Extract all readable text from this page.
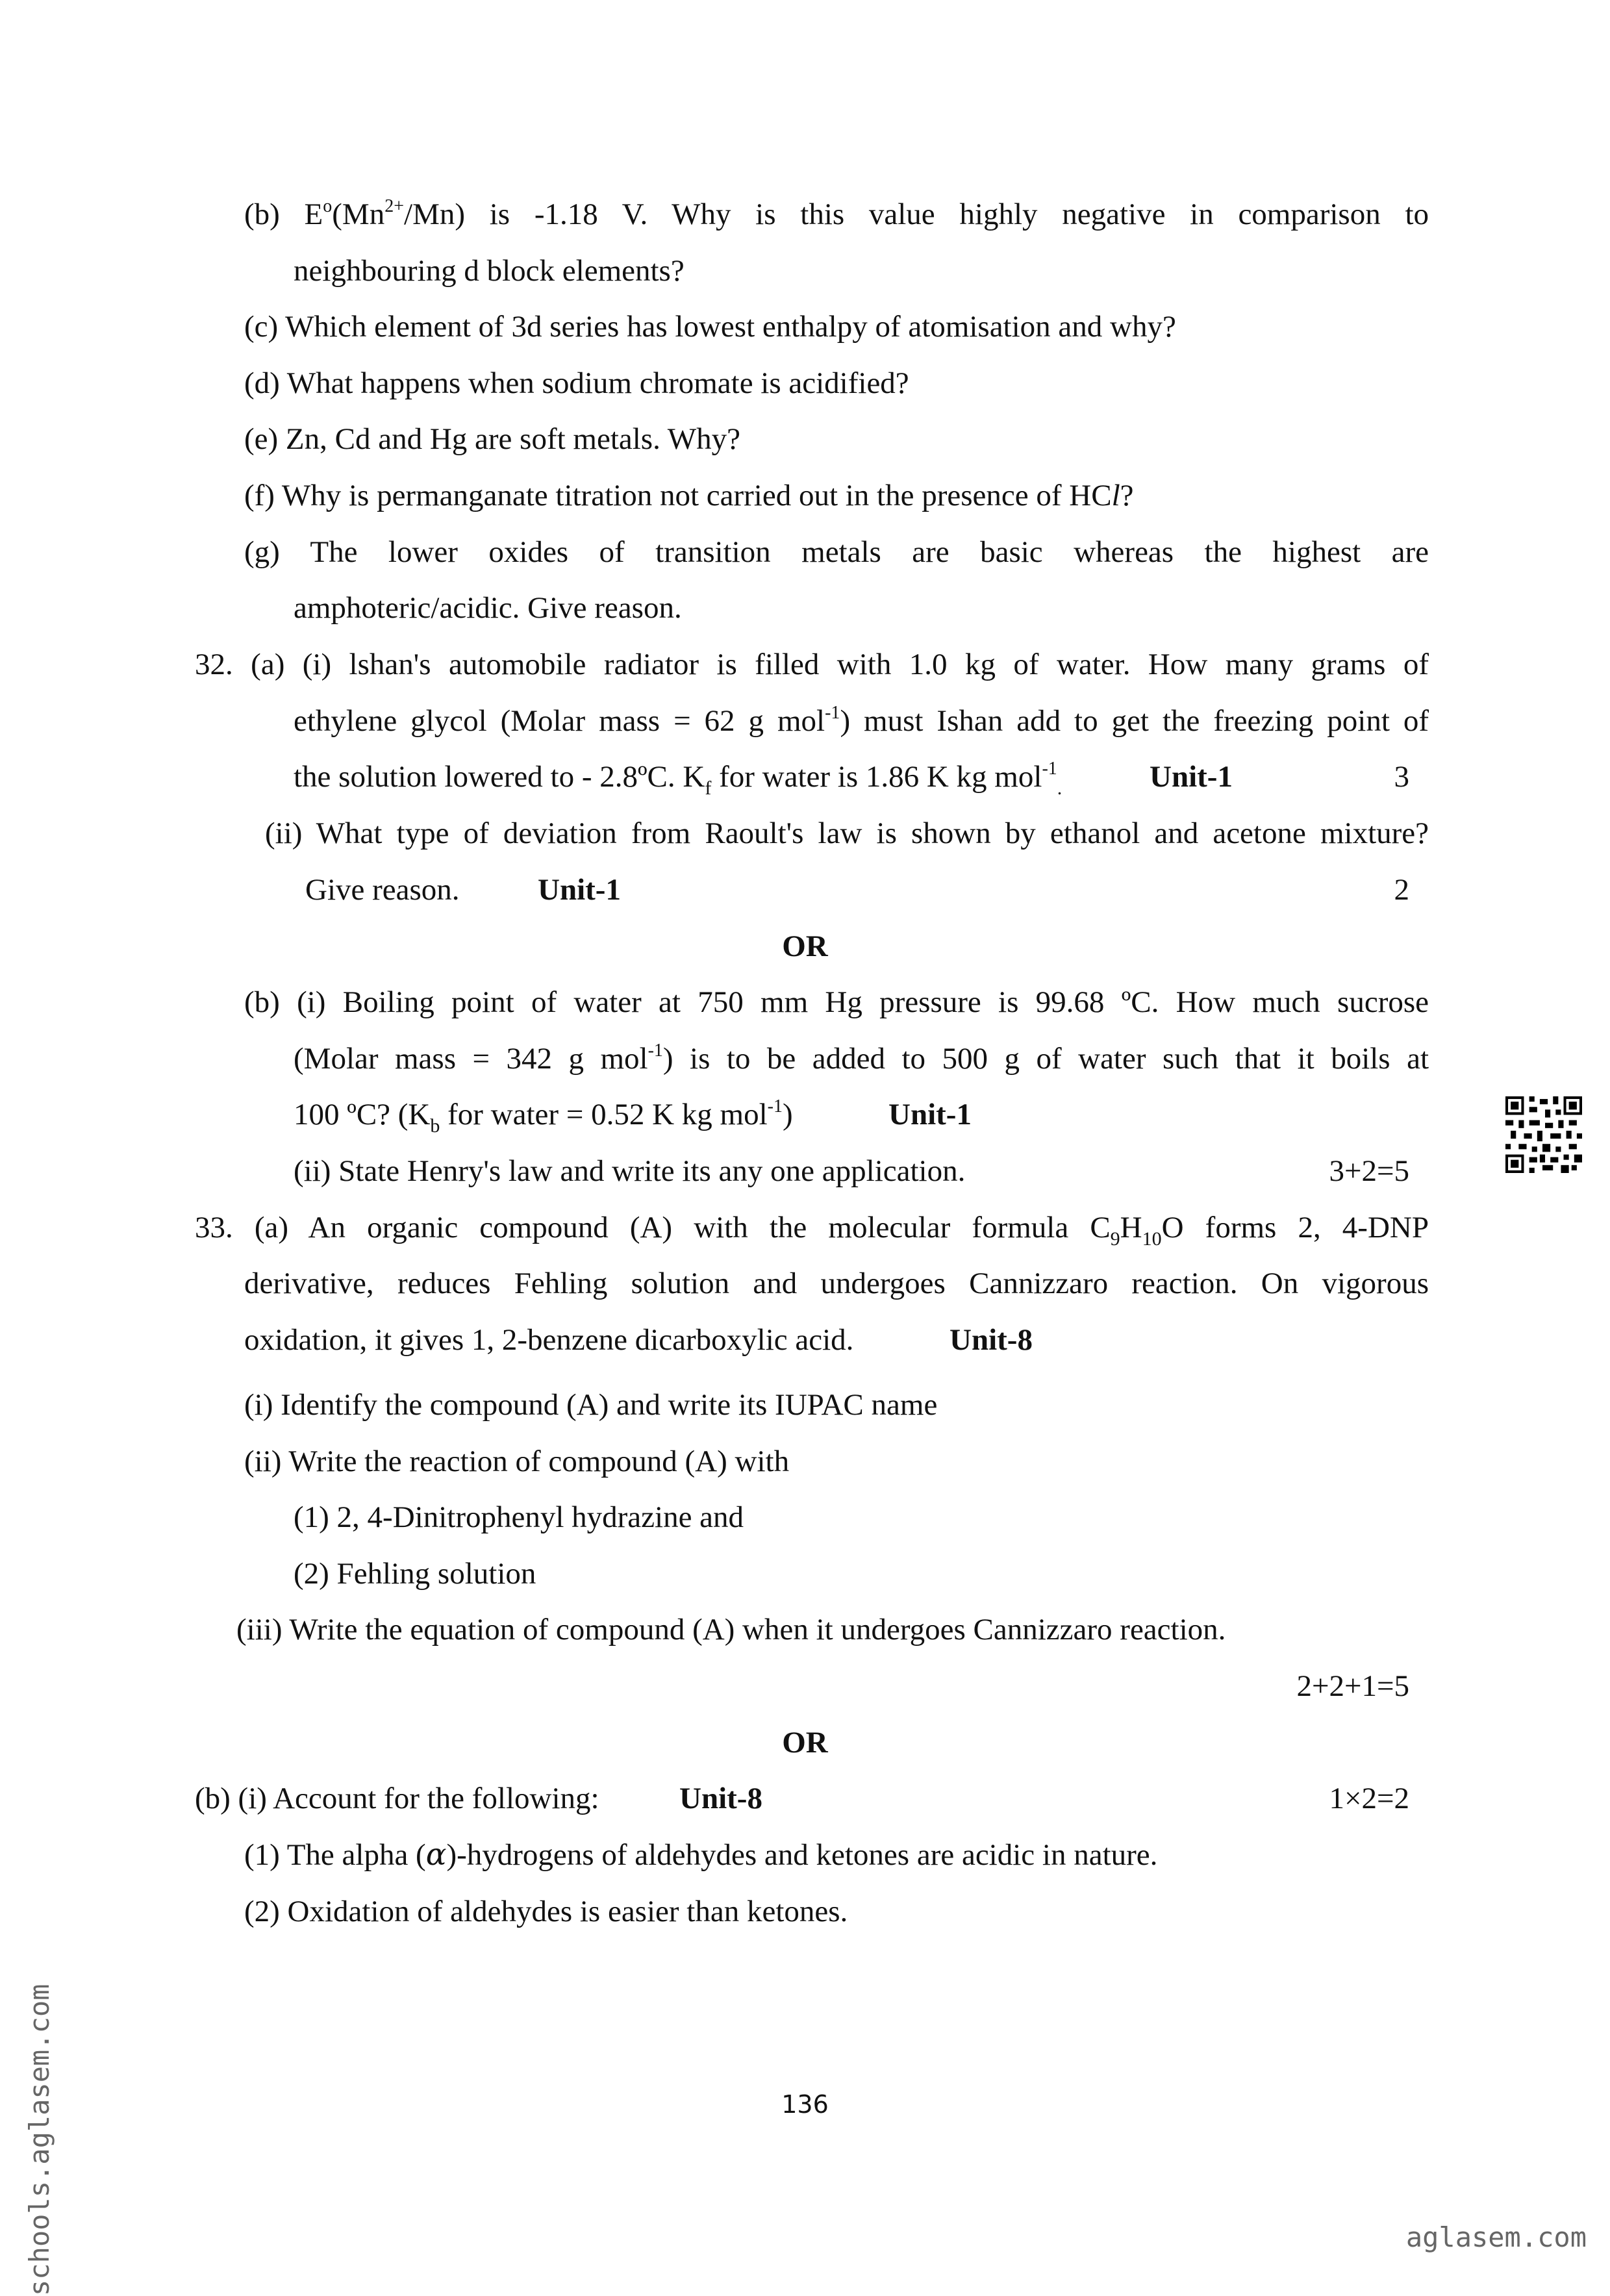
(b) $E^o(Mn^{2+}/Mn)$ is -1.18 V. Why is this value highly negative in comparison to
neighbouring d block elements?
(c) Which element of 3d series has lowest enthalpy of atomisation and why?
(d) What happens when sodium chromate is acidified?
(e) Zn, Cd and Hg are soft metals. Why?
(f) Why is permanganate titration not carried out in the presence of HCl?
(g) The lower oxides of transition metals are basic whereas the highest are
amphoteric/acidic. Give reason.
32. (a) (i) lshan's automobile radiator is filled with 1.0 kg of water. How many grams of
ethylene glycol (Molar mass = 62 g mol$^{-1}$) must Ishan add to get the freezing point of
the solution lowered to - 2.8ºC. $K_f$ for water is 1.86 K kg mol$^{-1}_.$	Unit-1	3
(ii) What type of deviation from Raoult's law is shown by ethanol and acetone mixture?
Give reason.	Unit-1	2
OR
(b) (i) Boiling point of water at 750 mm Hg pressure is 99.68 ºC. How much sucrose
(Molar mass = 342 g mol$^{-1}$) is to be added to 500 g of water such that it boils at
100 ºC? ($K_b$ for water = 0.52 K kg mol$^{-1}$)	Unit-1
(ii) State Henry's law and write its any one application.	3+2=5
33. (a) An organic compound (A) with the molecular formula $C_9H_{10}O$ forms 2, 4-DNP
derivative, reduces Fehling solution and undergoes Cannizzaro reaction. On vigorous
oxidation, it gives 1, 2-benzene dicarboxylic acid.	Unit-8
(i) Identify the compound (A) and write its IUPAC name
(ii) Write the reaction of compound (A) with
(1) 2, 4-Dinitrophenyl hydrazine and
(2) Fehling solution
(iii) Write the equation of compound (A) when it undergoes Cannizzaro reaction.
2+2+1=5
OR
(b) (i) Account for the following:	Unit-8	1×2=2
(1) The alpha (α)-hydrogens of aldehydes and ketones are acidic in nature.
(2) Oxidation of aldehydes is easier than ketones.
136
schools.aglasem.com	aglasem.com
